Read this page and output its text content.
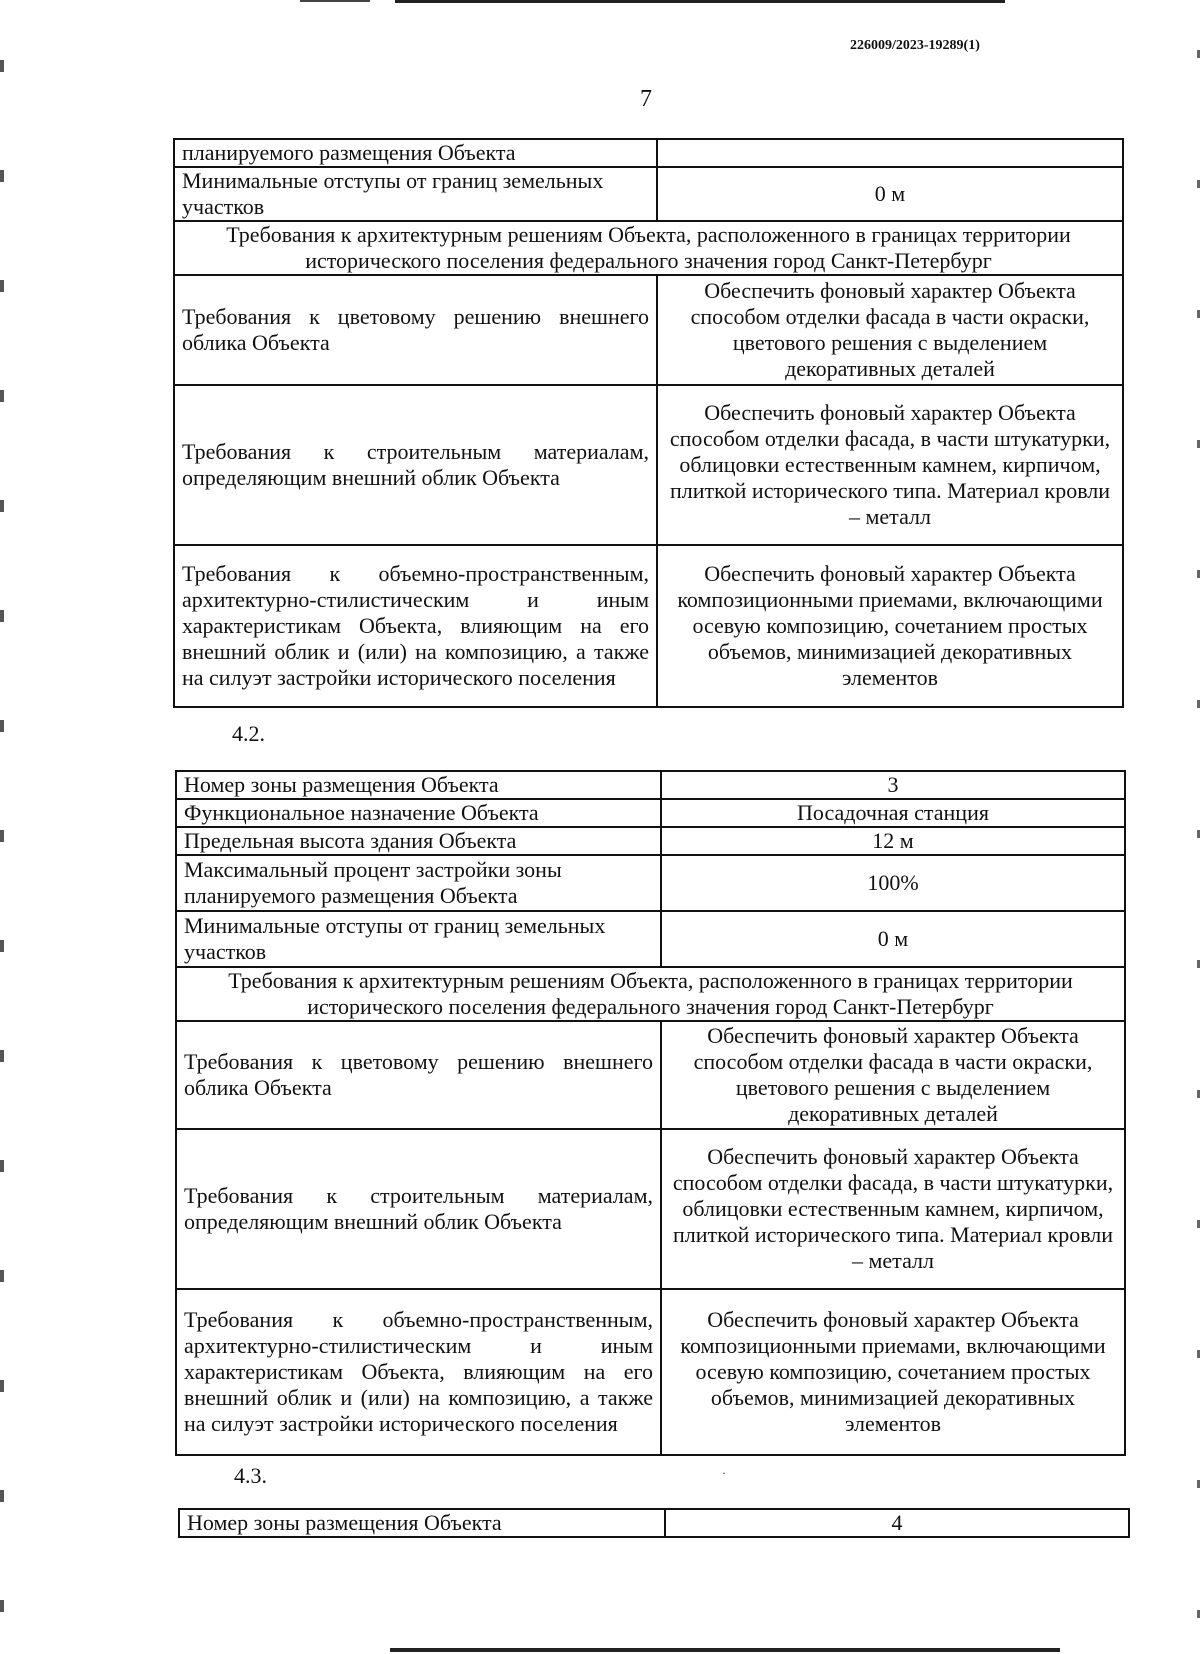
226009/2023-19289(1)
7
планируемого размещения Объекта	
Минимальные отступы от границ земельных участков	0 м
Требования к архитектурным решениям Объекта, расположенного в границах территории исторического поселения федерального значения город Санкт-Петербург	
Требования к цветовому решению внешнего облика Объекта	Обеспечить фоновый характер Объекта способом отделки фасада в части окраски, цветового решения с выделением декоративных деталей
Требования к строительным материалам, определяющим внешний облик Объекта	Обеспечить фоновый характер Объекта способом отделки фасада, в части штукатурки, облицовки естественным камнем, кирпичом, плиткой исторического типа. Материал кровли – металл
Требования к объемно-пространственным, архитектурно-стилистическим и иным характеристикам Объекта, влияющим на его внешний облик и (или) на композицию, а также на силуэт застройки исторического поселения	Обеспечить фоновый характер Объекта композиционными приемами, включающими осевую композицию, сочетанием простых объемов, минимизацией декоративных элементов
4.2.
Номер зоны размещения Объекта	3
Функциональное назначение Объекта	Посадочная станция
Предельная высота здания Объекта	12 м
Максимальный процент застройки зоны планируемого размещения Объекта	100%
Минимальные отступы от границ земельных участков	0 м
Требования к архитектурным решениям Объекта, расположенного в границах территории исторического поселения федерального значения город Санкт-Петербург	
Требования к цветовому решению внешнего облика Объекта	Обеспечить фоновый характер Объекта способом отделки фасада в части окраски, цветового решения с выделением декоративных деталей
Требования к строительным материалам, определяющим внешний облик Объекта	Обеспечить фоновый характер Объекта способом отделки фасада, в части штукатурки, облицовки естественным камнем, кирпичом, плиткой исторического типа. Материал кровли – металл
Требования к объемно-пространственным, архитектурно-стилистическим и иным характеристикам Объекта, влияющим на его внешний облик и (или) на композицию, а также на силуэт застройки исторического поселения	Обеспечить фоновый характер Объекта композиционными приемами, включающими осевую композицию, сочетанием простых объемов, минимизацией декоративных элементов
4.3.	·
Номер зоны размещения Объекта	4
